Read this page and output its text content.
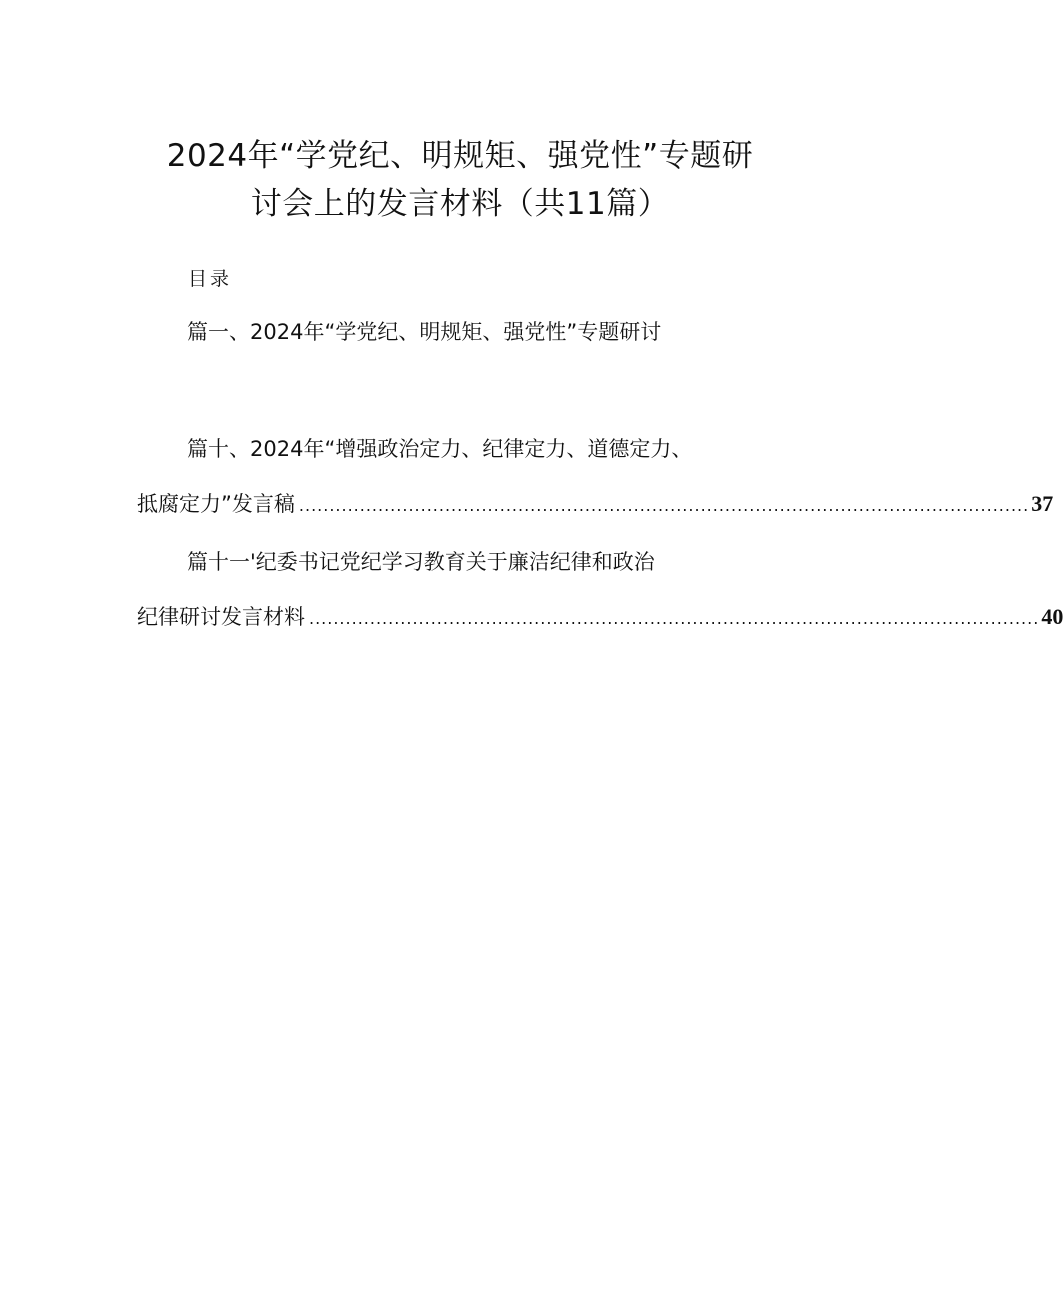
2024年“学党纪、明规矩、强党性”专题研
讨会上的发言材料（共11篇）
目录
篇一、2024年“学党纪、明规矩、强党性”专题研讨
篇十、2024年“增强政治定力、纪律定力、道德定力、
抵腐定力”发言稿 ........................................................................................................................ 37
篇十一'纪委书记党纪学习教育关于廉洁纪律和政治
纪律研讨发言材料 ........................................................................................................................ 40
